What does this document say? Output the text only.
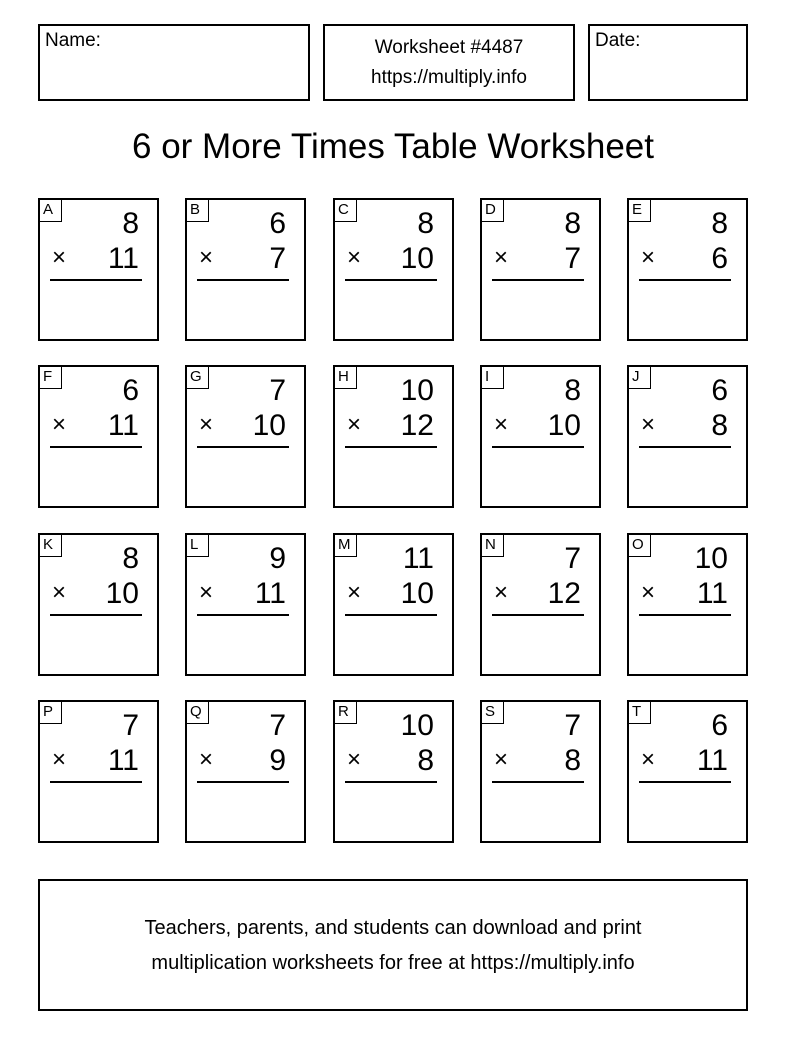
Name:	Worksheet #4487
https://multiply.info
Date:
6 or More Times Table Worksheet
A 8
× 11
B 6
× 7
C 8
× 10
D 8
× 7
E 8
× 6
F	6
× 11
G 7
× 10
H 10
× 12
I	8
× 10
J	6
× 8
K 8
× 10
L	9
× 11
M 11
× 10
N 7
× 12
O 10
× 11
P 7
× 11
Q 7
× 9
R 10
× 8
S 7
× 8
T	6
× 11
Teachers, parents, and students can download and print
multiplication worksheets for free at https://multiply.info
